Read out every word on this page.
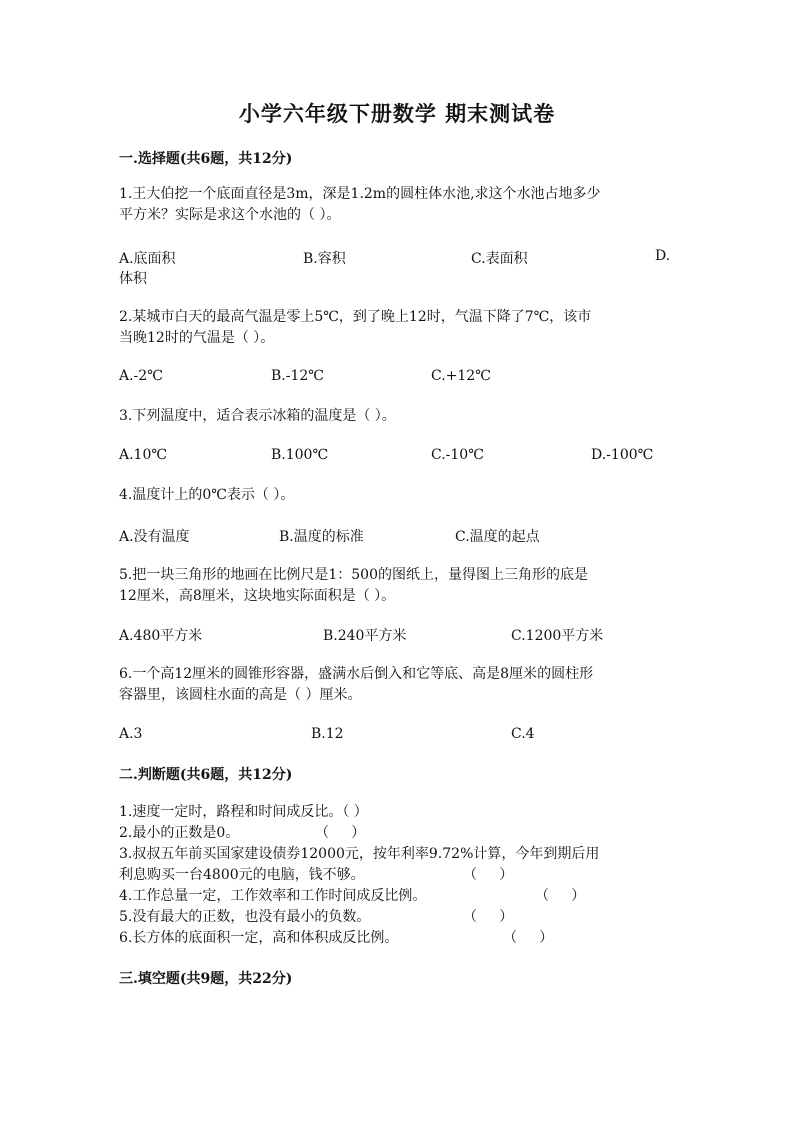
小学六年级下册数学 期末测试卷
一.选择题(共6题，共12分)
1.王大伯挖一个底面直径是3m，深是1.2m的圆柱体水池,求这个水池占地多少
平方米？实际是求这个水池的（ ）。
A.底面积	B.容积	C.表面积	D.
体积
2.某城市白天的最高气温是零上5℃，到了晚上12时，气温下降了7℃，该市
当晚12时的气温是（ ）。
A.-2℃	B.-12℃	C.+12℃
3.下列温度中，适合表示冰箱的温度是（ ）。
A.10℃	B.100℃	C.-10℃	D.-100℃
4.温度计上的0℃表示（ ）。
A.没有温度	B.温度的标准	C.温度的起点
5.把一块三角形的地画在比例尺是1：500的图纸上，量得图上三角形的底是
12厘米，高8厘米，这块地实际面积是（ ）。
A.480平方米	B.240平方米	C.1200平方米
6.一个高12厘米的圆锥形容器，盛满水后倒入和它等底、高是8厘米的圆柱形
容器里，该圆柱水面的高是（ ）厘米。
A.3	B.12	C.4
二.判断题(共6题，共12分)
1.速度一定时，路程和时间成反比。（ ）
2.最小的正数是0。	（     ）
3.叔叔五年前买国家建设债券12000元，按年利率9.72%计算，今年到期后用
利息购买一台4800元的电脑，钱不够。	（     ）
4.工作总量一定，工作效率和工作时间成反比例。	（     ）
5.没有最大的正数，也没有最小的负数。	（     ）
6.长方体的底面积一定，高和体积成反比例。	（     ）
三.填空题(共9题，共22分)
